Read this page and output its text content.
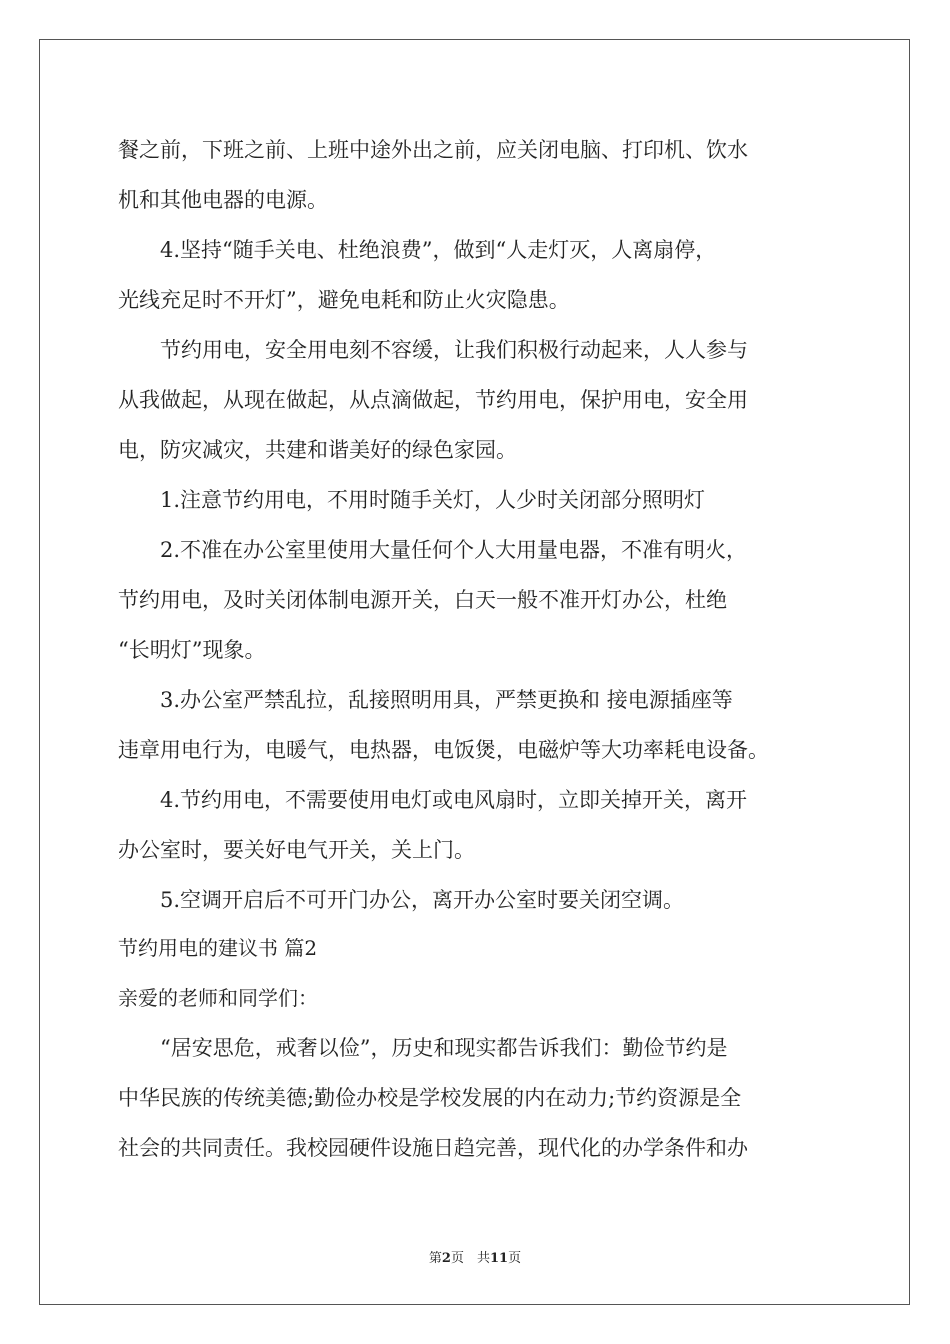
餐之前，下班之前、上班中途外出之前，应关闭电脑、打印机、饮水
机和其他电器的电源。
4.坚持“随手关电、杜绝浪费”，做到“人走灯灭，人离扇停，
光线充足时不开灯”，避免电耗和防止火灾隐患。
节约用电，安全用电刻不容缓，让我们积极行动起来，人人参与
从我做起，从现在做起，从点滴做起，节约用电，保护用电，安全用
电，防灾减灾，共建和谐美好的绿色家园。
1.注意节约用电，不用时随手关灯，人少时关闭部分照明灯
2.不准在办公室里使用大量任何个人大用量电器，不准有明火，
节约用电，及时关闭体制电源开关，白天一般不准开灯办公，杜绝
“长明灯”现象。
3.办公室严禁乱拉，乱接照明用具，严禁更换和 接电源插座等
违章用电行为，电暖气，电热器，电饭煲，电磁炉等大功率耗电设备。
4.节约用电，不需要使用电灯或电风扇时，立即关掉开关，离开
办公室时，要关好电气开关，关上门。
5.空调开启后不可开门办公，离开办公室时要关闭空调。
节约用电的建议书 篇2
亲爱的老师和同学们：
“居安思危，戒奢以俭”，历史和现实都告诉我们：勤俭节约是
中华民族的传统美德;勤俭办校是学校发展的内在动力;节约资源是全
社会的共同责任。我校园硬件设施日趋完善，现代化的办学条件和办
第2页　共11页
